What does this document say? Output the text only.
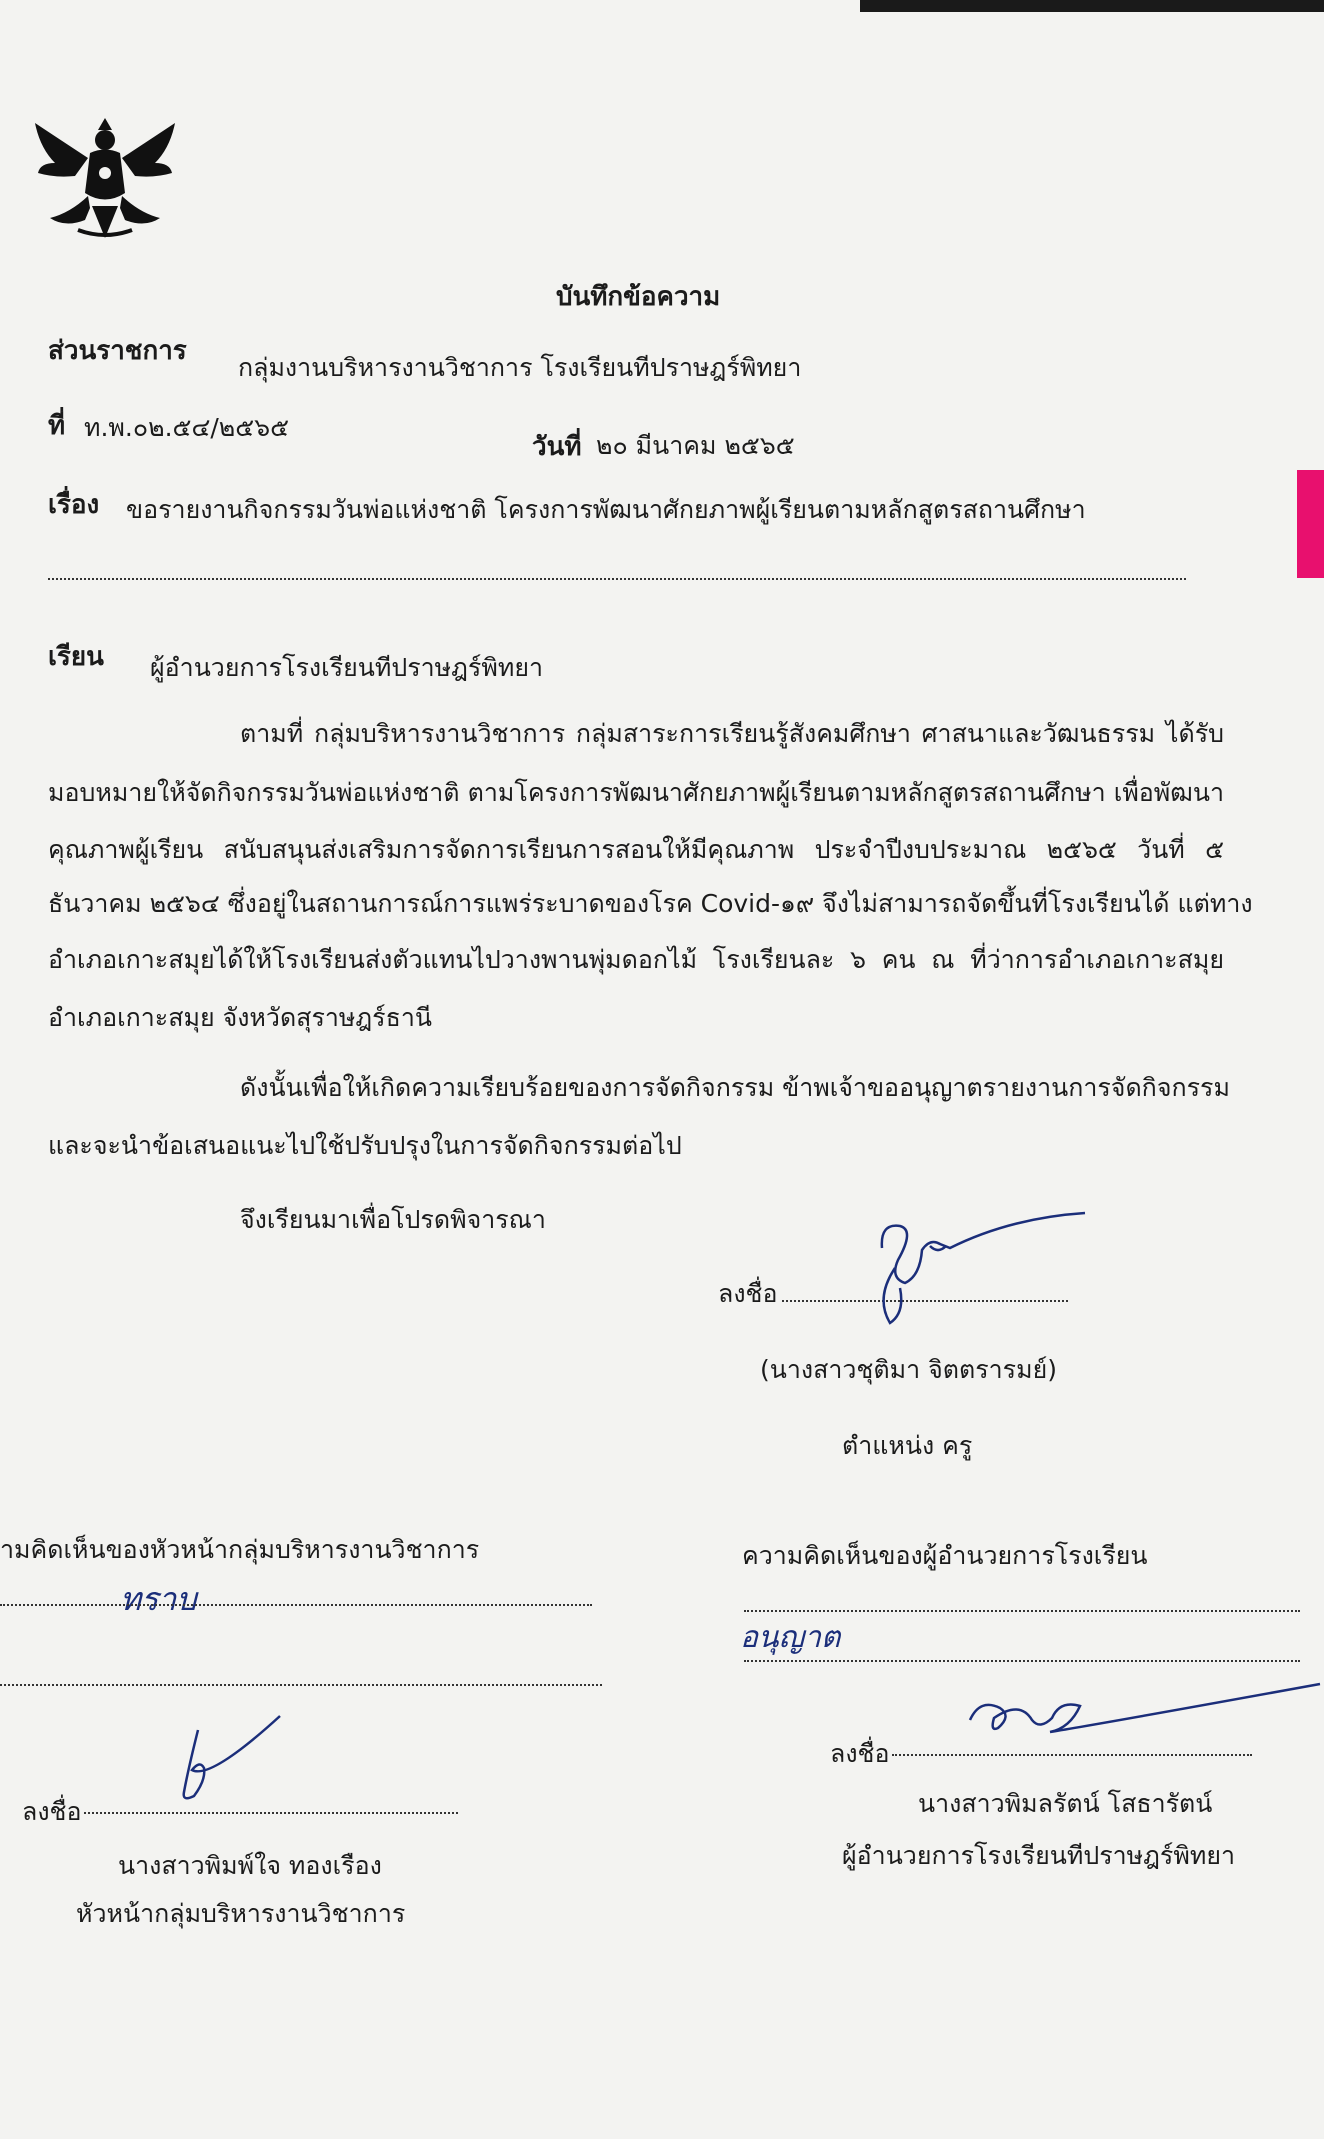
บันทึกข้อความ
ส่วนราชการ
กลุ่มงานบริหารงานวิชาการ โรงเรียนทีปราษฎร์พิทยา
ที่ ท.พ.๐๒.๕๔/๒๕๖๕
วันที่ ๒๐ มีนาคม ๒๕๖๕
เรื่อง ขอรายงานกิจกรรมวันพ่อแห่งชาติ โครงการพัฒนาศักยภาพผู้เรียนตามหลักสูตรสถานศึกษา
เรียน ผู้อำนวยการโรงเรียนทีปราษฎร์พิทยา
ตามที่ กลุ่มบริหารงานวิชาการ กลุ่มสาระการเรียนรู้สังคมศึกษา ศาสนาและวัฒนธรรม ได้รับ
มอบหมายให้จัดกิจกรรมวันพ่อแห่งชาติ ตามโครงการพัฒนาศักยภาพผู้เรียนตามหลักสูตรสถานศึกษา เพื่อพัฒนา
คุณภาพผู้เรียน สนับสนุนส่งเสริมการจัดการเรียนการสอนให้มีคุณภาพ ประจำปีงบประมาณ ๒๕๖๕ วันที่ ๕
ธันวาคม ๒๕๖๔ ซึ่งอยู่ในสถานการณ์การแพร่ระบาดของโรค Covid-๑๙ จึงไม่สามารถจัดขึ้นที่โรงเรียนได้ แต่ทาง
อำเภอเกาะสมุยได้ให้โรงเรียนส่งตัวแทนไปวางพานพุ่มดอกไม้ โรงเรียนละ ๖ คน ณ ที่ว่าการอำเภอเกาะสมุย
อำเภอเกาะสมุย จังหวัดสุราษฎร์ธานี
ดังนั้นเพื่อให้เกิดความเรียบร้อยของการจัดกิจกรรม ข้าพเจ้าขออนุญาตรายงานการจัดกิจกรรม
และจะนำข้อเสนอแนะไปใช้ปรับปรุงในการจัดกิจกรรมต่อไป
จึงเรียนมาเพื่อโปรดพิจารณา
ลงชื่อ
(นางสาวชุติมา จิตตรารมย์)
ตำแหน่ง ครู
ามคิดเห็นของหัวหน้ากลุ่มบริหารงานวิชาการ
ทราบ
ลงชื่อ
นางสาวพิมพ์ใจ ทองเรือง
หัวหน้ากลุ่มบริหารงานวิชาการ
ความคิดเห็นของผู้อำนวยการโรงเรียน
อนุญาต
ลงชื่อ
นางสาวพิมลรัตน์ โสธารัตน์
ผู้อำนวยการโรงเรียนทีปราษฎร์พิทยา
